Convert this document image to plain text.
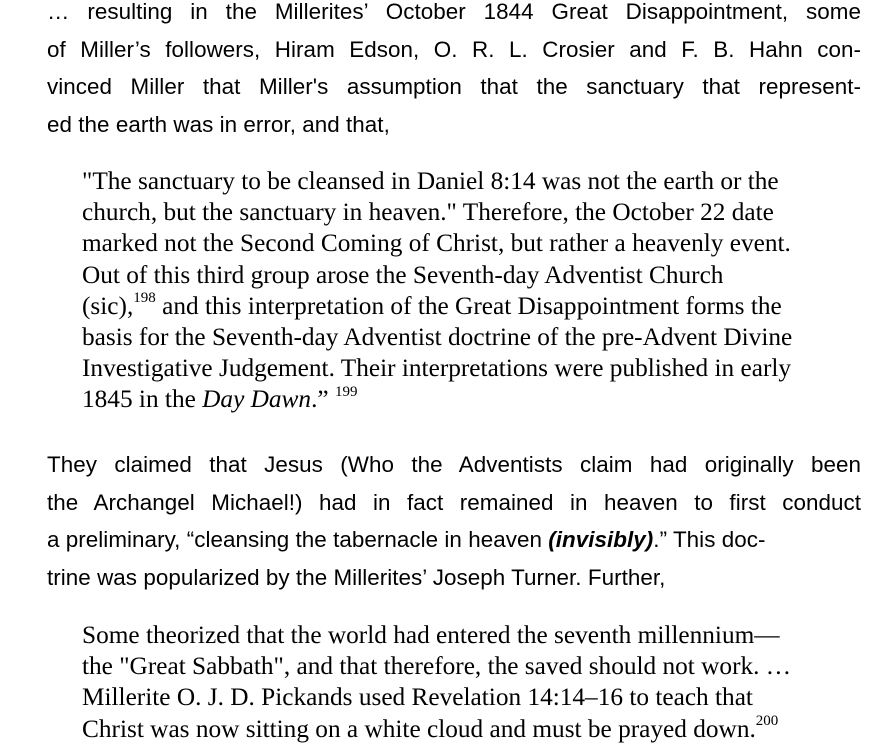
… resulting in the Millerites’ October 1844 Great Disappointment, some
of Miller’s followers, Hiram Edson, O. R. L. Crosier and F. B. Hahn con-
vinced Miller that Miller's assumption that the sanctuary that represent-
ed the earth was in error, and that,
"The sanctuary to be cleansed in Daniel 8:14 was not the earth or the
church, but the sanctuary in heaven." Therefore, the October 22 date
marked not the Second Coming of Christ, but rather a heavenly event.
Out of this third group arose the Seventh-day Adventist Church
(sic),$^{198}$ and this interpretation of the Great Disappointment forms the
basis for the Seventh-day Adventist doctrine of the pre-Advent Divine
Investigative Judgement. Their interpretations were published in early
1845 in the Day Dawn.” $^{199}$
They claimed that Jesus (Who the Adventists claim had originally been
the Archangel Michael!) had in fact remained in heaven to first conduct
a preliminary, “cleansing the tabernacle in heaven (invisibly).” This doc-
trine was popularized by the Millerites’ Joseph Turner. Further,
Some theorized that the world had entered the seventh millennium—
the "Great Sabbath", and that therefore, the saved should not work. …
Millerite O. J. D. Pickands used Revelation 14:14–16 to teach that
Christ was now sitting on a white cloud and must be prayed down.$^{200}$
